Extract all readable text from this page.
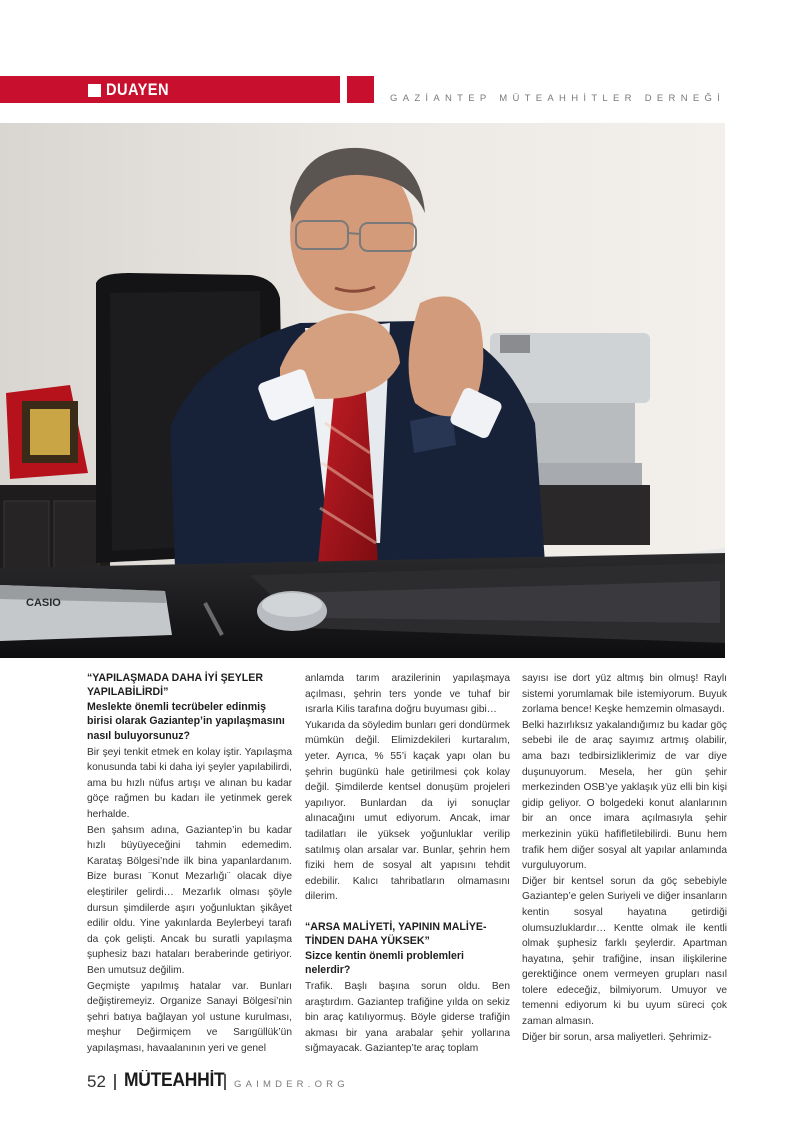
DUAYEN	GAZİANTEP MÜTEAHHİTLER DERNEĞİ
CASIO
“YAPILAŞMADA DAHA İYİ ŞEYLER
YAPILABİLİRDİ”
Meslekte önemli tecrübeler edinmiş birisi olarak Gaziantep’in yapılaşmasını nasıl buluyorsunuz?

Bir şeyi tenkit etmek en kolay iştir. Yapılaşma konusunda tabi ki daha iyi şeyler yapılabilirdi, ama bu hızlı nüfus artışı ve alınan bu kadar göçe rağmen bu kadarı ile yetinmek gerek herhalde.

Ben şahsım adına, Gaziantep’in bu kadar hızlı büyüyeceğini tahmin edemedim. Karataş Bölgesi’nde ilk bina yapanlardanım. Bize burası ¨Konut Mezarlığı¨ olacak diye eleştiriler gelirdi… Mezarlık olması şöyle dursun şimdilerde aşırı yoğunluktan şikâyet edilir oldu. Yine yakınlarda Beylerbeyi tarafı da çok gelişti. Ancak bu suratli yapılaşma şuphesiz bazı hataları beraberinde getiriyor. Ben umutsuz değilim.

Geçmişte yapılmış hatalar var. Bunları değiştiremeyiz. Organize Sanayi Bölgesi’nin şehri batıya bağlayan yol ustune kurulması, meşhur Değirmiçem ve Sarıgüllük’ün yapılaşması, havaalanının yeri ve genel

anlamda tarım arazilerinin yapılaşmaya açılması, şehrin ters yonde ve tuhaf bir ısrarla Kilis tarafına doğru buyuması gibi…

Yukarıda da söyledim bunları geri dondürmek mümkün değil. Elimizdekileri kurtaralım, yeter. Ayrıca, % 55’i kaçak yapı olan bu şehrin bugünkü hale getirilmesi çok kolay değil. Şimdilerde kentsel donuşüm projeleri yapılıyor. Bunlardan da iyi sonuçlar alınacağını umut ediyorum. Ancak, imar tadilatları ile yüksek yoğunluklar verilip satılmış olan arsalar var. Bunlar, şehrin hem fiziki hem de sosyal alt yapısını tehdit edebilir. Kalıcı tahribatların olmamasını dilerim.

“ARSA MALİYETİ, YAPININ MALİYE-
TİNDEN DAHA YÜKSEK”
Sizce kentin önemli problemleri nelerdir?

Trafik. Başlı başına sorun oldu. Ben araştırdım. Gaziantep trafiğine yılda on sekiz bin araç katılıyormuş. Böyle giderse trafiğin akması bir yana arabalar şehir yollarına sığmayacak. Gaziantep’te araç toplam

sayısı ise dort yüz altmış bin olmuş! Raylı sistemi yorumlamak bile istemiyorum. Buyuk zorlama bence! Keşke hemzemin olmasaydı.

Belki hazırlıksız yakalandığımız bu kadar göç sebebi ile de araç sayımız artmış olabilir, ama bazı tedbirsizliklerimiz de var diye duşunuyorum. Mesela, her gün şehir merkezinden OSB’ye yaklaşık yüz elli bin kişi gidip geliyor. O bolgedeki konut alanlarının bir an once imara açılmasıyla şehir merkezinin yükü hafifletilebilirdi. Bunu hem trafik hem diğer sosyal alt yapılar anlamında vurguluyorum.

Diğer bir kentsel sorun da göç sebebiyle Gaziantep’e gelen Suriyeli ve diğer insanların kentin sosyal hayatına getirdiği olumsuzluklardır… Kentte olmak ile kentli olmak şuphesiz farklı şeylerdir. Apartman hayatına, şehir trafiğine, insan ilişkilerine gerektiğince onem vermeyen grupları nasıl tolere edeceğiz, bilmiyorum. Umuyor ve temenni ediyorum ki bu uyum süreci çok zaman almasın.

Diğer bir sorun, arsa maliyetleri. Şehrimiz-

52 MÜTEAHHİT GAIMDER.ORG
